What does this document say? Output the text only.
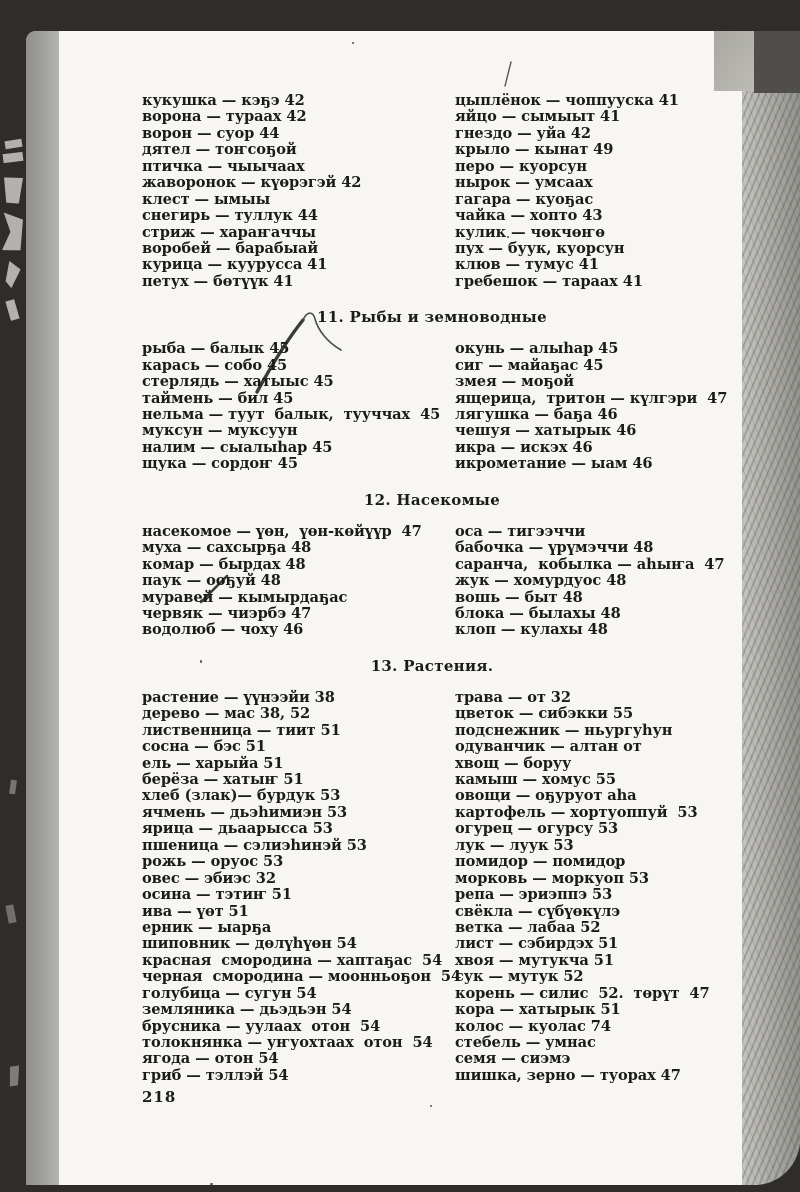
кукушка — кэҕэ 42
ворона — тураах 42
ворон — суор 44
дятел — тоҥсоҕой
птичка — чыычаах
жаворонок — күөрэгэй 42
клест — ымыы
снегирь — туллук 44
стриж — хараҥаччы
воробей — барабыай
курица — куурусса 41
петух — бөтүүк 41
цыплёнок — чоппууска 41
яйцо — сымыыт 41
гнездо — уйа 42
крыло — кынат 49
перо — куорсун
нырок — умсаах
гагара — куоҕас
чайка — хопто 43
кулик — чөкчөҥө
пух — буук, куорсун
клюв — тумус 41
гребешок — тараах 41
11. Рыбы и земноводные
рыба — балык 45
карась — собо 45
стерлядь — хатыыс 45
таймень — бил 45
нельма — туут  балык,  тууччах  45
муксун — муксуун
налим — сыалыһар 45
щука — сордоҥ 45
окунь — алыһар 45
сиг — майаҕас 45
змея — моҕой
ящерица,  тритон — күлгэри  47
лягушка — баҕа 46
чешуя — хатырык 46
икра — искэх 46
икрометание — ыам 46
12. Насекомые
насекомое — үөн,  үөн-көйүүр  47
муха — сахсырҕа 48
комар — бырдах 48
паук — ооҕуй 48
муравей — кымырдаҕас
червяк — чиэрбэ 47
водолюб — чоху 46
оса — тигээччи
бабочка — үрүмэччи 48
саранча,  кобылка — аһыҥа  47
жук — хомурдуос 48
вошь — быт 48
блока — былахы 48
клоп — кулахы 48
13. Растения.
растение — үүнээйи 38
дерево — мас 38, 52
лиственница — тиит 51
сосна — бэс 51
ель — харыйа 51
берёза — хатыҥ 51
хлеб (злак)— бурдук 53
ячмень — дьэһимиэн 53
ярица — дьаарысса 53
пшеница — сэлиэһинэй 53
рожь — оруос 53
овес — эбиэс 32
осина — тэтиҥ 51
ива — үөт 51
ерник — ыарҕа
шиповник — дөлүһүөн 54
красная  смородина — хаптаҕас  54
черная  смородина — моонньоҕон  54
голубица — сугун 54
земляника — дьэдьэн 54
брусника — уулаах  отон  54
толокнянка — уҥуохтаах  отон  54
ягода — отон 54
гриб — тэллэй 54
трава — от 32
цветок — сибэкки 55
подснежник — ньургуһун
одуванчик — алтан от
хвощ — боруу
камыш — хомус 55
овощи — оҕуруот аһа
картофель — хортуоппуй  53
огурец — огурсу 53
лук — луук 53
помидор — помидор
морковь — моркуоп 53
репа — эриэппэ 53
свёкла — сүбүөкүлэ
ветка — лабаа 52
лист — сэбирдэх 51
хвоя — мутукча 51
сук — мутук 52
корень — силис  52.  төрүт  47
кора — хатырык 51
колос — куолас 74
стебель — умнас
семя — сиэмэ
шишка, зерно — туорах 47
218
